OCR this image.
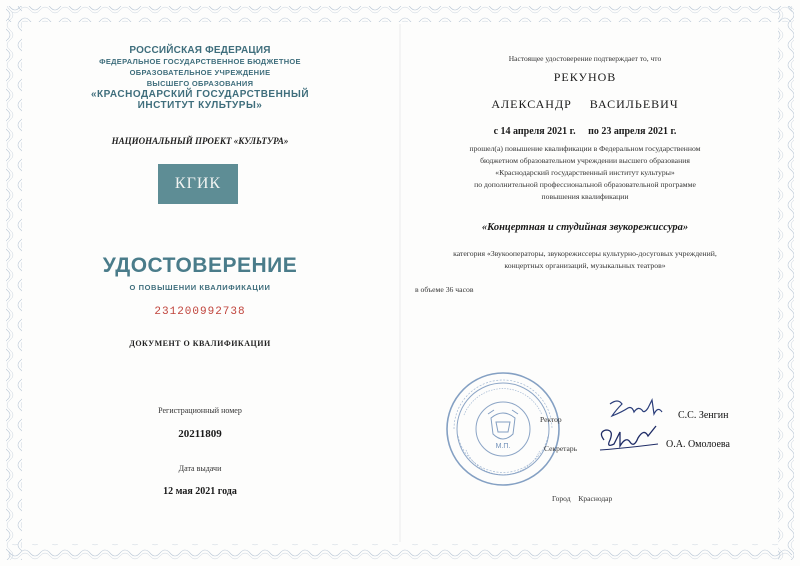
РОССИЙСКАЯ ФЕДЕРАЦИЯ
ФЕДЕРАЛЬНОЕ ГОСУДАРСТВЕННОЕ БЮДЖЕТНОЕ
ОБРАЗОВАТЕЛЬНОЕ УЧРЕЖДЕНИЕ
ВЫСШЕГО ОБРАЗОВАНИЯ
«КРАСНОДАРСКИЙ ГОСУДАРСТВЕННЫЙ
ИНСТИТУТ КУЛЬТУРЫ»
НАЦИОНАЛЬНЫЙ ПРОЕКТ «КУЛЬТУРА»
КГИК
УДОСТОВЕРЕНИЕ
О ПОВЫШЕНИИ КВАЛИФИКАЦИИ
231200992738
ДОКУМЕНТ О КВАЛИФИКАЦИИ
Регистрационный номер
20211809
Дата выдачи
12 мая 2021 года
Настоящее удостоверение подтверждает то, что
РЕКУНОВ
АЛЕКСАНДР ВАСИЛЬЕВИЧ
с 14 апреля 2021 г. по 23 апреля 2021 г.
прошел(а) повышение квалификации в Федеральном государственном
бюджетном образовательном учреждении высшего образования
«Краснодарский государственный институт культуры»
по дополнительной профессиональной образовательной программе
повышения квалификации
«Концертная и студийная звукорежиссура»
категория «Звукооператоры, звукорежиссеры культурно-досуговых учреждений,
концертных организаций, музыкальных театров»
в объеме 36 часов
М.П.
Ректор	С.С. Зенгин
Секретарь	О.А. Омолоева
Город Краснодар
